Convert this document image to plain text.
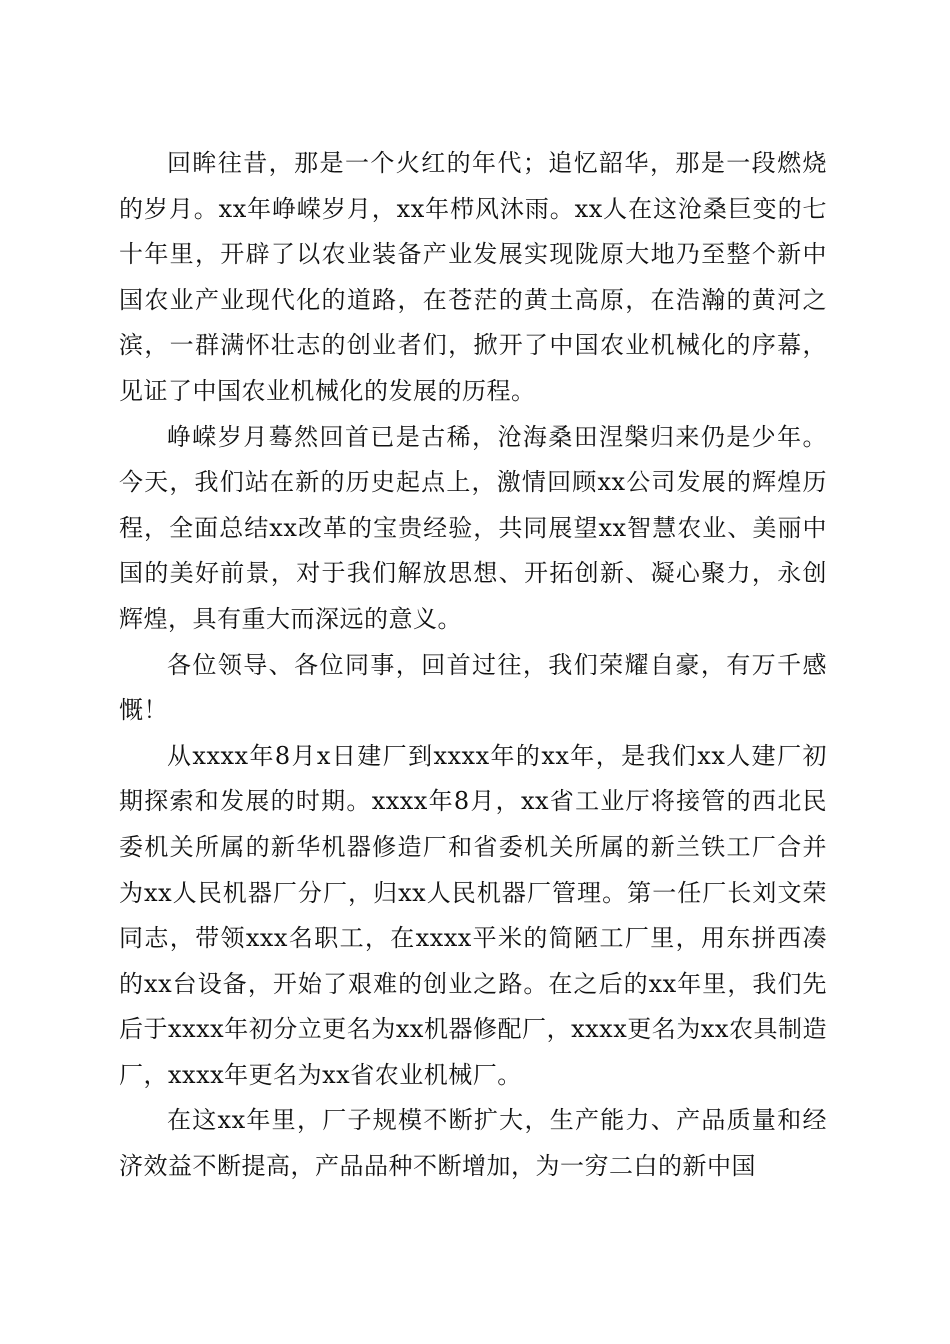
回眸往昔，那是一个火红的年代；追忆韶华，那是一段燃烧的岁月。xx年峥嵘岁月，xx年栉风沐雨。xx人在这沧桑巨变的七十年里，开辟了以农业装备产业发展实现陇原大地乃至整个新中国农业产业现代化的道路，在苍茫的黄土高原，在浩瀚的黄河之滨，一群满怀壮志的创业者们，掀开了中国农业机械化的序幕，见证了中国农业机械化的发展的历程。

峥嵘岁月蓦然回首已是古稀，沧海桑田涅槃归来仍是少年。今天，我们站在新的历史起点上，激情回顾xx公司发展的辉煌历程，全面总结xx改革的宝贵经验，共同展望xx智慧农业、美丽中国的美好前景，对于我们解放思想、开拓创新、凝心聚力，永创辉煌，具有重大而深远的意义。

各位领导、各位同事，回首过往，我们荣耀自豪，有万千感慨！

从xxxx年8月x日建厂到xxxx年的xx年，是我们xx人建厂初期探索和发展的时期。xxxx年8月，xx省工业厅将接管的西北民委机关所属的新华机器修造厂和省委机关所属的新兰铁工厂合并为xx人民机器厂分厂，归xx人民机器厂管理。第一任厂长刘文荣同志，带领xxx名职工，在xxxx平米的简陋工厂里，用东拼西凑的xx台设备，开始了艰难的创业之路。在之后的xx年里，我们先后于xxxx年初分立更名为xx机器修配厂，xxxx更名为xx农具制造厂，xxxx年更名为xx省农业机械厂。

在这xx年里，厂子规模不断扩大，生产能力、产品质量和经济效益不断提高，产品品种不断增加，为一穷二白的新中国
